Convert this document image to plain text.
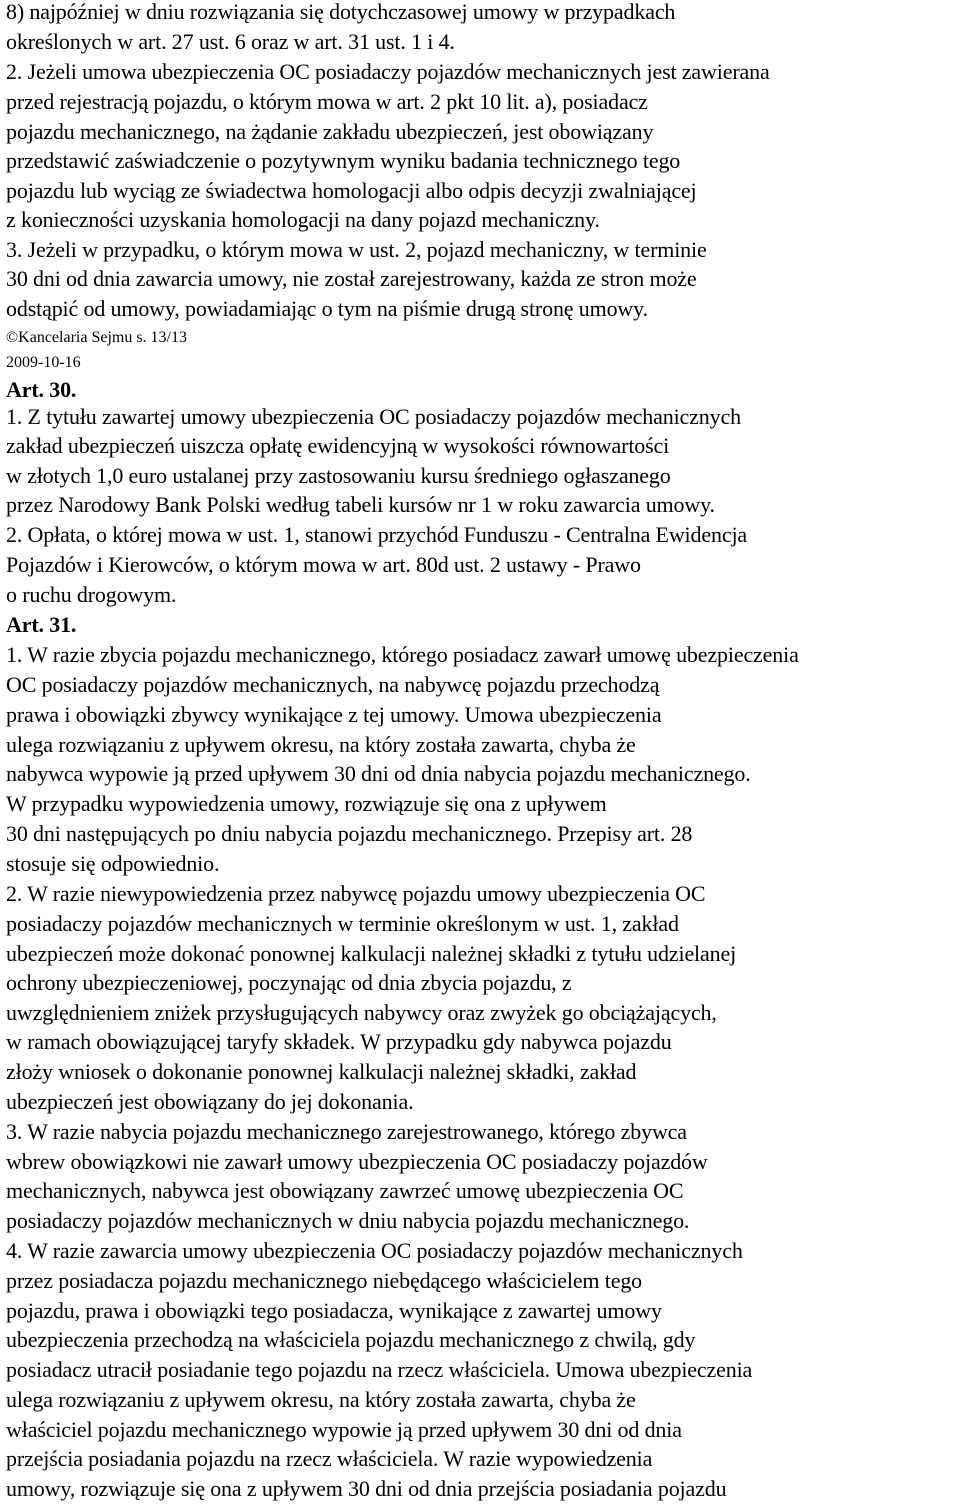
8) najpóźniej w dniu rozwiązania się dotychczasowej umowy w przypadkach

określonych w art. 27 ust. 6 oraz w art. 31 ust. 1 i 4.

2. Jeżeli umowa ubezpieczenia OC posiadaczy pojazdów mechanicznych jest zawierana

przed rejestracją pojazdu, o którym mowa w art. 2 pkt 10 lit. a), posiadacz

pojazdu mechanicznego, na żądanie zakładu ubezpieczeń, jest obowiązany

przedstawić zaświadczenie o pozytywnym wyniku badania technicznego tego

pojazdu lub wyciąg ze świadectwa homologacji albo odpis decyzji zwalniającej

z konieczności uzyskania homologacji na dany pojazd mechaniczny.

3. Jeżeli w przypadku, o którym mowa w ust. 2, pojazd mechaniczny, w terminie

30 dni od dnia zawarcia umowy, nie został zarejestrowany, każda ze stron może

odstąpić od umowy, powiadamiając o tym na piśmie drugą stronę umowy.

©Kancelaria Sejmu s. 13/13

2009-10-16

Art. 30.

1. Z tytułu zawartej umowy ubezpieczenia OC posiadaczy pojazdów mechanicznych

zakład ubezpieczeń uiszcza opłatę ewidencyjną w wysokości równowartości

w złotych 1,0 euro ustalanej przy zastosowaniu kursu średniego ogłaszanego

przez Narodowy Bank Polski według tabeli kursów nr 1 w roku zawarcia umowy.

2. Opłata, o której mowa w ust. 1, stanowi przychód Funduszu - Centralna Ewidencja

Pojazdów i Kierowców, o którym mowa w art. 80d ust. 2 ustawy - Prawo

o ruchu drogowym.

Art. 31.

1. W razie zbycia pojazdu mechanicznego, którego posiadacz zawarł umowę ubezpieczenia

OC posiadaczy pojazdów mechanicznych, na nabywcę pojazdu przechodzą

prawa i obowiązki zbywcy wynikające z tej umowy. Umowa ubezpieczenia

ulega rozwiązaniu z upływem okresu, na który została zawarta, chyba że

nabywca wypowie ją przed upływem 30 dni od dnia nabycia pojazdu mechanicznego.

W przypadku wypowiedzenia umowy, rozwiązuje się ona z upływem

30 dni następujących po dniu nabycia pojazdu mechanicznego. Przepisy art. 28

stosuje się odpowiednio.

2. W razie niewypowiedzenia przez nabywcę pojazdu umowy ubezpieczenia OC

posiadaczy pojazdów mechanicznych w terminie określonym w ust. 1, zakład

ubezpieczeń może dokonać ponownej kalkulacji należnej składki z tytułu udzielanej

ochrony ubezpieczeniowej, poczynając od dnia zbycia pojazdu, z

uwzględnieniem zniżek przysługujących nabywcy oraz zwyżek go obciążających,

w ramach obowiązującej taryfy składek. W przypadku gdy nabywca pojazdu

złoży wniosek o dokonanie ponownej kalkulacji należnej składki, zakład

ubezpieczeń jest obowiązany do jej dokonania.

3. W razie nabycia pojazdu mechanicznego zarejestrowanego, którego zbywca

wbrew obowiązkowi nie zawarł umowy ubezpieczenia OC posiadaczy pojazdów

mechanicznych, nabywca jest obowiązany zawrzeć umowę ubezpieczenia OC

posiadaczy pojazdów mechanicznych w dniu nabycia pojazdu mechanicznego.

4. W razie zawarcia umowy ubezpieczenia OC posiadaczy pojazdów mechanicznych

przez posiadacza pojazdu mechanicznego niebędącego właścicielem tego

pojazdu, prawa i obowiązki tego posiadacza, wynikające z zawartej umowy

ubezpieczenia przechodzą na właściciela pojazdu mechanicznego z chwilą, gdy

posiadacz utracił posiadanie tego pojazdu na rzecz właściciela. Umowa ubezpieczenia

ulega rozwiązaniu z upływem okresu, na który została zawarta, chyba że

właściciel pojazdu mechanicznego wypowie ją przed upływem 30 dni od dnia

przejścia posiadania pojazdu na rzecz właściciela. W razie wypowiedzenia

umowy, rozwiązuje się ona z upływem 30 dni od dnia przejścia posiadania pojazdu
